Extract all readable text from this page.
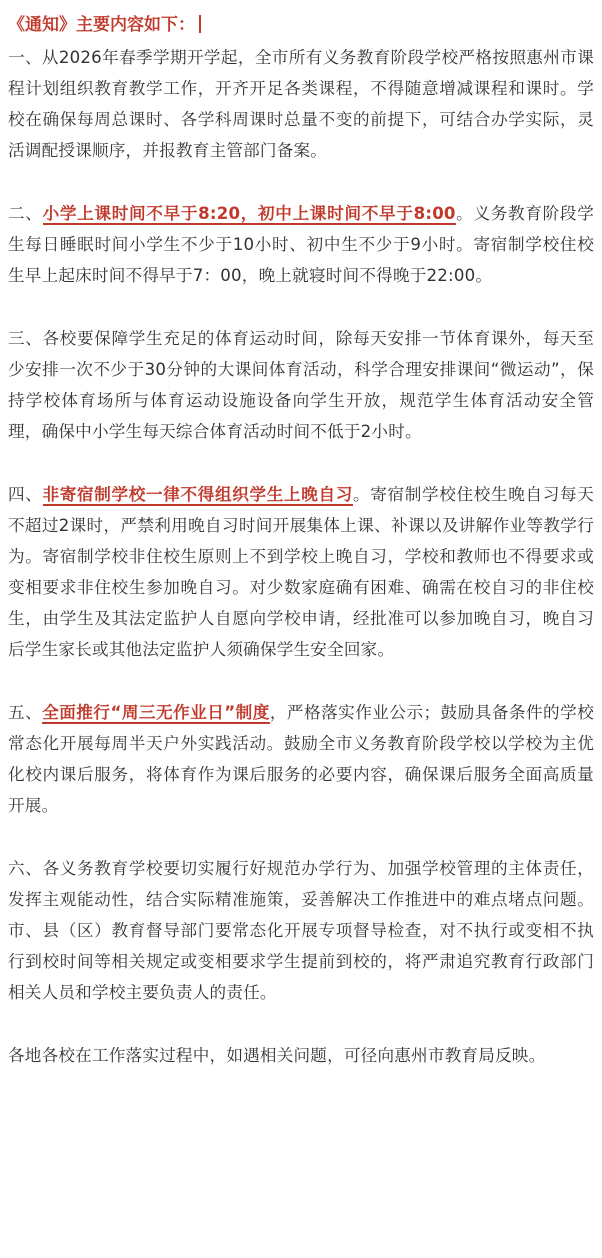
《通知》主要内容如下：

一、从2026年春季学期开学起，全市所有义务教育阶段学校严格按照惠州市课程计划组织教育教学工作，开齐开足各类课程，不得随意增减课程和课时。学校在确保每周总课时、各学科周课时总量不变的前提下，可结合办学实际，灵活调配授课顺序，并报教育主管部门备案。

二、小学上课时间不早于8:20，初中上课时间不早于8:00。义务教育阶段学生每日睡眠时间小学生不少于10小时、初中生不少于9小时。寄宿制学校住校生早上起床时间不得早于7：00，晚上就寝时间不得晚于22:00。

三、各校要保障学生充足的体育运动时间，除每天安排一节体育课外，每天至少安排一次不少于30分钟的大课间体育活动，科学合理安排课间“微运动”，保持学校体育场所与体育运动设施设备向学生开放，规范学生体育活动安全管理，确保中小学生每天综合体育活动时间不低于2小时。

四、非寄宿制学校一律不得组织学生上晚自习。寄宿制学校住校生晚自习每天不超过2课时，严禁利用晚自习时间开展集体上课、补课以及讲解作业等教学行为。寄宿制学校非住校生原则上不到学校上晚自习，学校和教师也不得要求或变相要求非住校生参加晚自习。对少数家庭确有困难、确需在校自习的非住校生，由学生及其法定监护人自愿向学校申请，经批准可以参加晚自习，晚自习后学生家长或其他法定监护人须确保学生安全回家。

五、全面推行“周三无作业日”制度，严格落实作业公示；鼓励具备条件的学校常态化开展每周半天户外实践活动。鼓励全市义务教育阶段学校以学校为主优化校内课后服务，将体育作为课后服务的必要内容，确保课后服务全面高质量开展。

六、各义务教育学校要切实履行好规范办学行为、加强学校管理的主体责任，发挥主观能动性，结合实际精准施策，妥善解决工作推进中的难点堵点问题。市、县（区）教育督导部门要常态化开展专项督导检查，对不执行或变相不执行到校时间等相关规定或变相要求学生提前到校的，将严肃追究教育行政部门相关人员和学校主要负责人的责任。

各地各校在工作落实过程中，如遇相关问题，可径向惠州市教育局反映。
